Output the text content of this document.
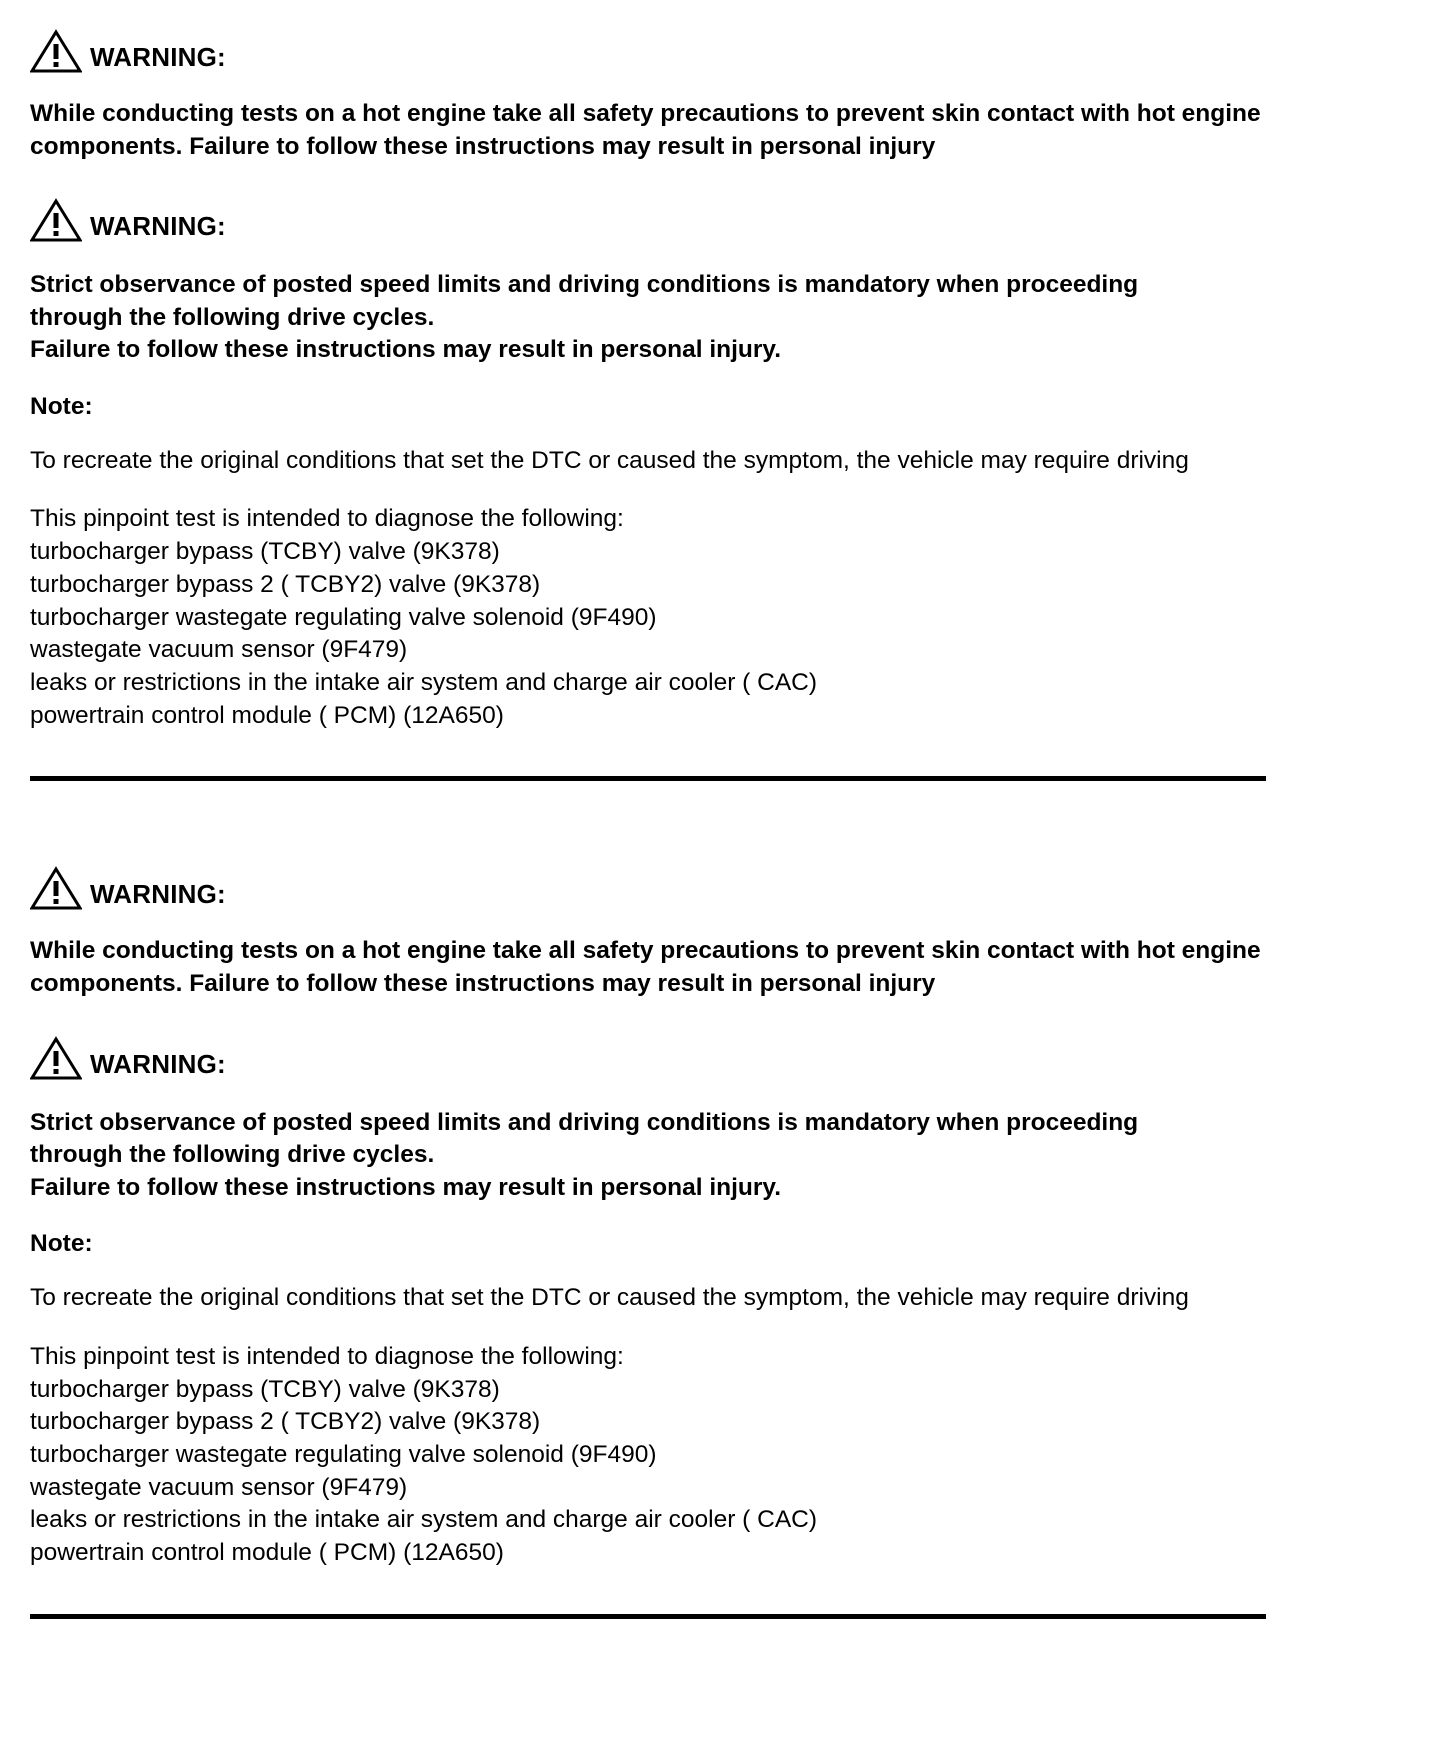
WARNING:
While conducting tests on a hot engine take all safety precautions to prevent skin contact with hot engine components. Failure to follow these instructions may result in personal injury
WARNING:
Strict observance of posted speed limits and driving conditions is mandatory when proceeding through the following drive cycles.
Failure to follow these instructions may result in personal injury.
Note:
To recreate the original conditions that set the DTC or caused the symptom, the vehicle may require driving
This pinpoint test is intended to diagnose the following:
turbocharger bypass (TCBY) valve (9K378)
turbocharger bypass 2 ( TCBY2) valve (9K378)
turbocharger wastegate regulating valve solenoid (9F490)
wastegate vacuum sensor (9F479)
leaks or restrictions in the intake air system and charge air cooler ( CAC)
powertrain control module ( PCM) (12A650)
WARNING:
While conducting tests on a hot engine take all safety precautions to prevent skin contact with hot engine components. Failure to follow these instructions may result in personal injury
WARNING:
Strict observance of posted speed limits and driving conditions is mandatory when proceeding through the following drive cycles.
Failure to follow these instructions may result in personal injury.
Note:
To recreate the original conditions that set the DTC or caused the symptom, the vehicle may require driving
This pinpoint test is intended to diagnose the following:
turbocharger bypass (TCBY) valve (9K378)
turbocharger bypass 2 ( TCBY2) valve (9K378)
turbocharger wastegate regulating valve solenoid (9F490)
wastegate vacuum sensor (9F479)
leaks or restrictions in the intake air system and charge air cooler ( CAC)
powertrain control module ( PCM) (12A650)
